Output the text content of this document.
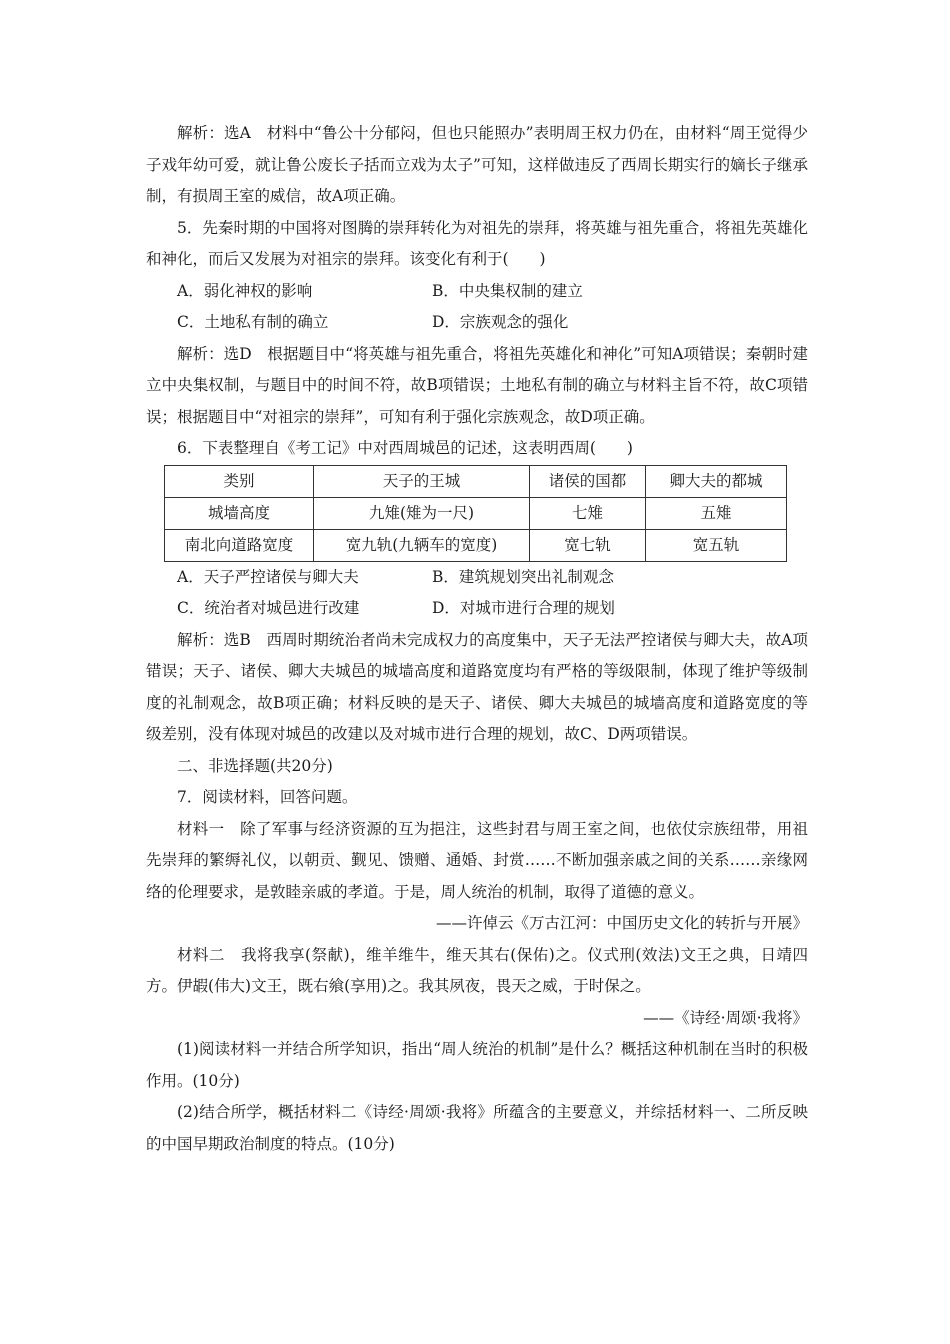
解析：选A　材料中“鲁公十分郁闷，但也只能照办”表明周王权力仍在，由材料“周王觉得少子戏年幼可爱，就让鲁公废长子括而立戏为太子”可知，这样做违反了西周长期实行的嫡长子继承制，有损周王室的威信，故A项正确。

5．先秦时期的中国将对图腾的崇拜转化为对祖先的崇拜，将英雄与祖先重合，将祖先英雄化和神化，而后又发展为对祖宗的崇拜。该变化有利于(　　)

A．弱化神权的影响	B．中央集权制的建立
C．土地私有制的确立	D．宗族观念的强化

解析：选D　根据题目中“将英雄与祖先重合，将祖先英雄化和神化”可知A项错误；秦朝时建立中央集权制，与题目中的时间不符，故B项错误；土地私有制的确立与材料主旨不符，故C项错误；根据题目中“对祖宗的崇拜”，可知有利于强化宗族观念，故D项正确。

6．下表整理自《考工记》中对西周城邑的记述，这表明西周(　　)

类别	天子的王城	诸侯的国都	卿大夫的都城
城墙高度	九雉(雉为一尺)	七雉	五雉
南北向道路宽度	宽九轨(九辆车的宽度)	宽七轨	宽五轨
A．天子严控诸侯与卿大夫	B．建筑规划突出礼制观念
C．统治者对城邑进行改建	D．对城市进行合理的规划

解析：选B　西周时期统治者尚未完成权力的高度集中，天子无法严控诸侯与卿大夫，故A项错误；天子、诸侯、卿大夫城邑的城墙高度和道路宽度均有严格的等级限制，体现了维护等级制度的礼制观念，故B项正确；材料反映的是天子、诸侯、卿大夫城邑的城墙高度和道路宽度的等级差别，没有体现对城邑的改建以及对城市进行合理的规划，故C、D两项错误。

二、非选择题(共20分)

7．阅读材料，回答问题。

材料一　除了军事与经济资源的互为挹注，这些封君与周王室之间，也依仗宗族纽带，用祖先崇拜的繁缛礼仪，以朝贡、觐见、馈赠、通婚、封赏……不断加强亲戚之间的关系……亲缘网络的伦理要求，是敦睦亲戚的孝道。于是，周人统治的机制，取得了道德的意义。

——许倬云《万古江河：中国历史文化的转折与开展》

材料二　我将我享(祭献)，维羊维牛，维天其右(保佑)之。仪式刑(效法)文王之典，日靖四方。伊嘏(伟大)文王，既右飨(享用)之。我其夙夜，畏天之威，于时保之。

——《诗经·周颂·我将》

(1)阅读材料一并结合所学知识，指出“周人统治的机制”是什么？概括这种机制在当时的积极作用。(10分)

(2)结合所学，概括材料二《诗经·周颂·我将》所蕴含的主要意义，并综括材料一、二所反映的中国早期政治制度的特点。(10分)
